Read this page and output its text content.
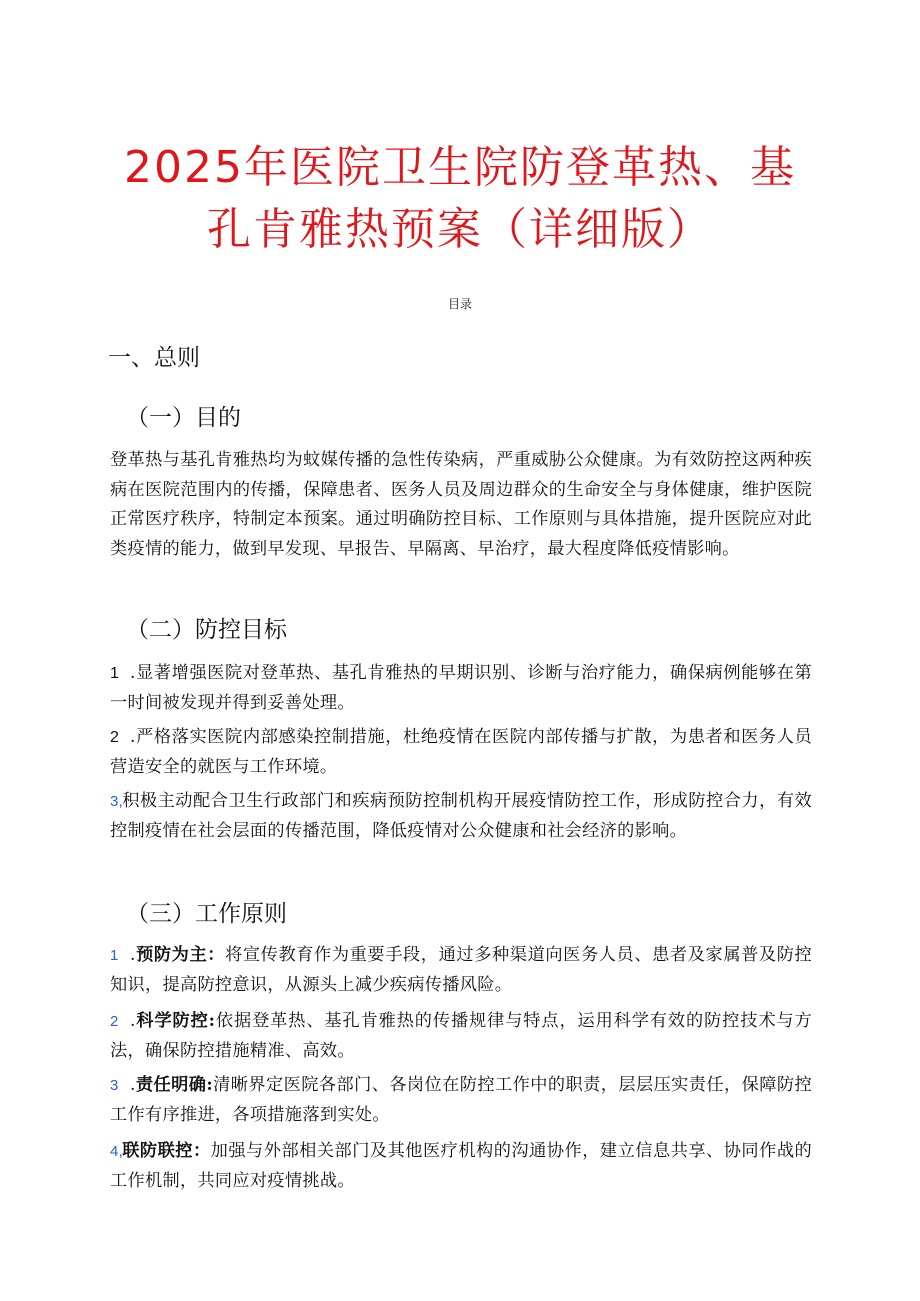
2025年医院卫生院防登革热、基
孔肯雅热预案（详细版）
目录
一、总则
（一）目的

登革热与基孔肯雅热均为蚊媒传播的急性传染病，严重威胁公众健康。为有效防控这两种疾病在医院范围内的传播，保障患者、医务人员及周边群众的生命安全与身体健康，维护医院正常医疗秩序，特制定本预案。通过明确防控目标、工作原则与具体措施，提升医院应对此类疫情的能力，做到早发现、早报告、早隔离、早治疗，最大程度降低疫情影响。

（二）防控目标

1 .显著增强医院对登革热、基孔肯雅热的早期识别、诊断与治疗能力，确保病例能够在第一时间被发现并得到妥善处理。

2 .严格落实医院内部感染控制措施，杜绝疫情在医院内部传播与扩散，为患者和医务人员营造安全的就医与工作环境。

3,积极主动配合卫生行政部门和疾病预防控制机构开展疫情防控工作，形成防控合力，有效控制疫情在社会层面的传播范围，降低疫情对公众健康和社会经济的影响。

（三）工作原则

1 .预防为主：将宣传教育作为重要手段，通过多种渠道向医务人员、患者及家属普及防控知识，提高防控意识，从源头上减少疾病传播风险。

2 .科学防控:依据登革热、基孔肯雅热的传播规律与特点，运用科学有效的防控技术与方法，确保防控措施精准、高效。

3 .责任明确:清晰界定医院各部门、各岗位在防控工作中的职责，层层压实责任，保障防控工作有序推进，各项措施落到实处。

4,联防联控：加强与外部相关部门及其他医疗机构的沟通协作，建立信息共享、协同作战的工作机制，共同应对疫情挑战。
